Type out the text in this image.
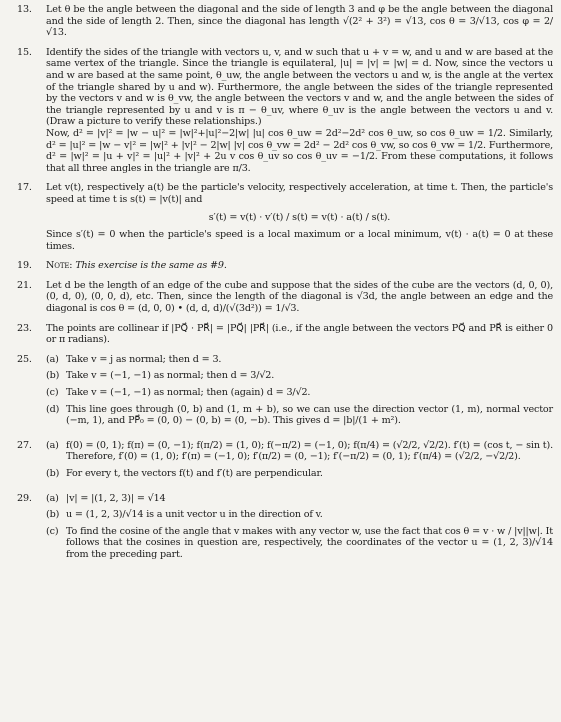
13.	Let θ be the angle between the diagonal and the side of length 3 and φ be the angle between the diagonal and the side of length 2. Then, since the diagonal has length √(2² + 3²) = √13, cos θ = 3/√13, cos φ = 2/√13.

15.	Identify the sides of the triangle with vectors u, v, and w such that u + v = w, and u and w are based at the same vertex of the triangle. Since the triangle is equilateral, |u| = |v| = |w| = d. Now, since the vectors u and w are based at the same point, θ_uw, the angle between the vectors u and w, is the angle at the vertex of the triangle shared by u and w). Furthermore, the angle between the sides of the triangle represented by the vectors v and w is θ_vw, the angle between the vectors v and w, and the angle between the sides of the triangle represented by u and v is π − θ_uv, where θ_uv is the angle between the vectors u and v. (Draw a picture to verify these relationships.)

Now, d² = |v|² = |w − u|² = |w|²+|u|²−2|w| |u| cos θ_uw = 2d²−2d² cos θ_uw, so cos θ_uw = 1/2. Similarly, d² = |u|² = |w − v|² = |w|² + |v|² − 2|w| |v| cos θ_vw = 2d² − 2d² cos θ_vw, so cos θ_vw = 1/2. Furthermore, d² = |w|² = |u + v|² = |u|² + |v|² + 2u v cos θ_uv so cos θ_uv = −1/2. From these computations, it follows that all three angles in the triangle are π/3.

17.	Let v(t), respectively a(t) be the particle's velocity, respectively acceleration, at time t. Then, the particle's speed at time t is s(t) = |v(t)| and

s′(t) = v(t) · v′(t) / s(t) = v(t) · a(t) / s(t).

Since s′(t) = 0 when the particle's speed is a local maximum or a local minimum, v(t) · a(t) = 0 at these times.

19.	Note: This exercise is the same as #9.

21.	Let d be the length of an edge of the cube and suppose that the sides of the cube are the vectors (d, 0, 0), (0, d, 0), (0, 0, d), etc. Then, since the length of the diagonal is √3d, the angle between an edge and the diagonal is cos θ = (d, 0, 0) • (d, d, d)/(√(3d²)) = 1/√3.

23.	The points are collinear if |PQ⃗ · PR⃗| = |PQ⃗| |PR⃗| (i.e., if the angle between the vectors PQ⃗ and PR⃗ is either 0 or π radians).

25.	(a) Take v = j as normal; then d = 3.
(b) Take v = (−1, −1) as normal; then d = 3/√2.
(c) Take v = (−1, −1) as normal; then (again) d = 3/√2.
(d) This line goes through (0, b) and (1, m + b), so we can use the direction vector (1, m), normal vector (−m, 1), and PP⃗₀ = (0, 0) − (0, b) = (0, −b). This gives d = |b|/(1 + m²).
27.	(a) f(0) = (0, 1); f(π) = (0, −1); f(π/2) = (1, 0); f(−π/2) = (−1, 0); f(π/4) = (√2/2, √2/2). f′(t) = (cos t, − sin t). Therefore, f′(0) = (1, 0); f′(π) = (−1, 0); f′(π/2) = (0, −1); f′(−π/2) = (0, 1); f′(π/4) = (√2/2, −√2/2).
(b) For every t, the vectors f(t) and f′(t) are perpendicular.
29.	(a) |v| = |(1, 2, 3)| = √14
(b) u = (1, 2, 3)/√14 is a unit vector u in the direction of v.
(c) To find the cosine of the angle that v makes with any vector w, use the fact that cos θ = v · w / |v||w|. It follows that the cosines in question are, respectively, the coordinates of the vector u = (1, 2, 3)/√14 from the preceding part.
